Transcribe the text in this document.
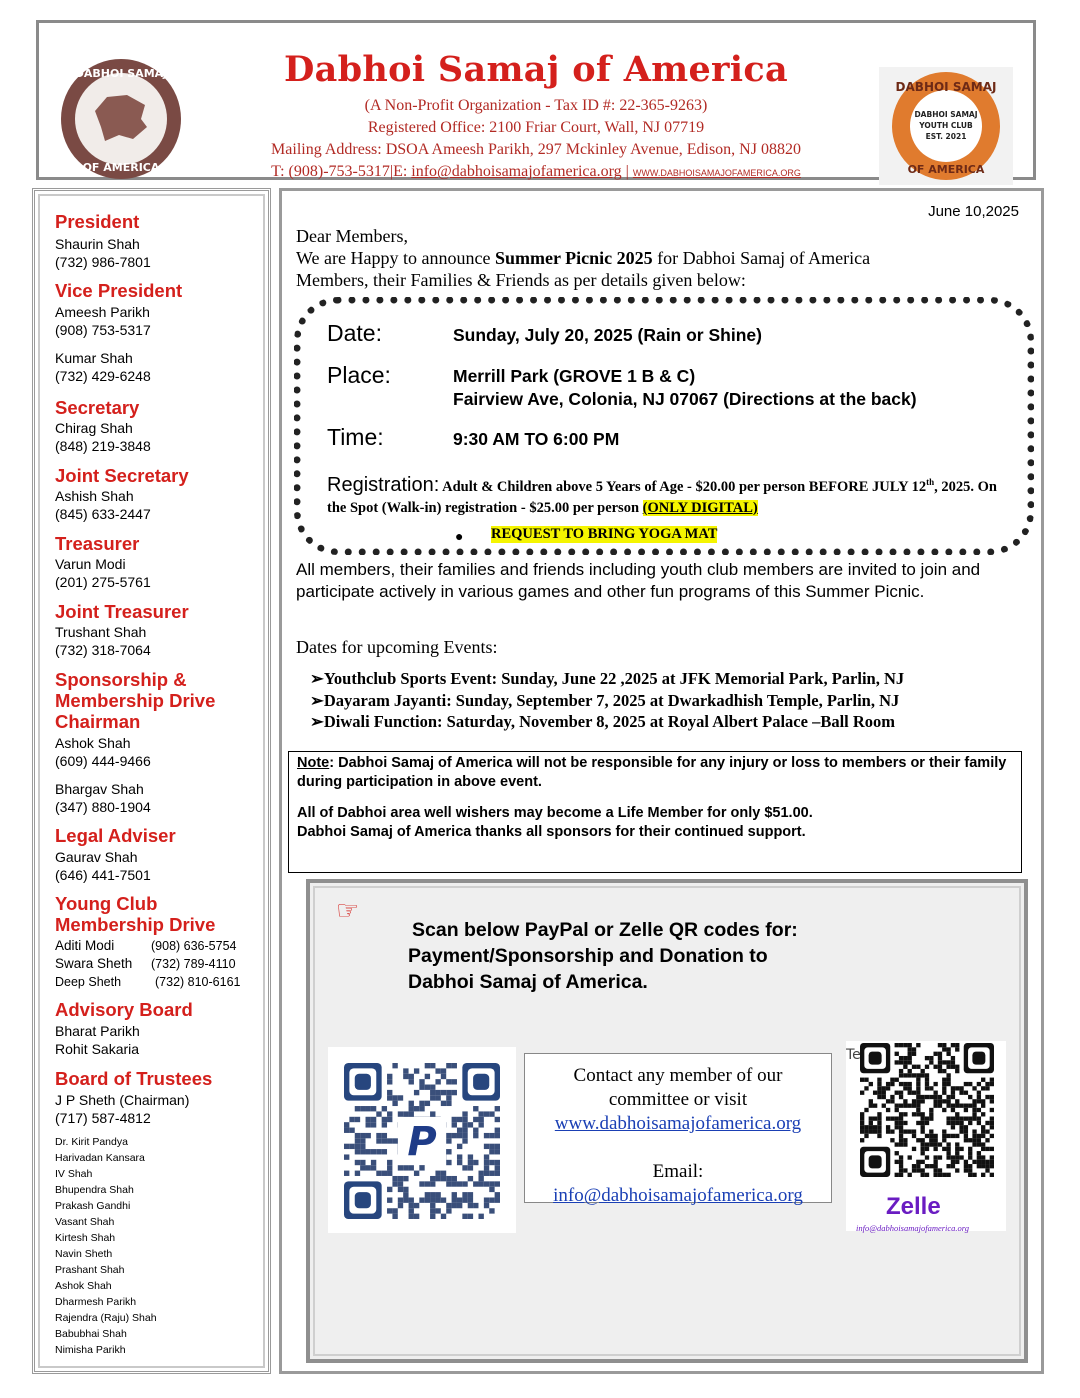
DABHOI SAMAJ
OF AMERICA
Dabhoi Samaj of America
(A Non-Profit Organization - Tax ID #: 22-365-9263)
Registered Office: 2100 Friar Court, Wall, NJ 07719
Mailing Address: DSOA Ameesh Parikh, 297 Mckinley Avenue, Edison, NJ 08820
T: (908)-753-5317|E: info@dabhoisamajofamerica.org | WWW.DABHOISAMAJOFAMERICA.ORG
DABHOI SAMAJ
DABHOI SAMAJ
YOUTH CLUB
EST. 2021
OF AMERICA
President
Shaurin Shah
(732) 986-7801
Vice President
Ameesh Parikh
(908) 753-5317
Kumar Shah
(732) 429-6248
Secretary
Chirag Shah
(848) 219-3848
Joint Secretary
Ashish Shah
(845) 633-2447
Treasurer
Varun Modi
(201) 275-5761
Joint Treasurer
Trushant Shah
(732) 318-7064
Sponsorship &
Membership Drive
Chairman
Ashok Shah
(609) 444-9466
Bhargav Shah
(347) 880-1904
Legal Adviser
Gaurav Shah
(646) 441-7501
Young Club
Membership Drive
Aditi Modi	(908) 636-5754
Swara Sheth (732) 789-4110
Deep Sheth	(732) 810-6161
Advisory Board
Bharat Parikh
Rohit Sakaria
Board of Trustees
J P Sheth (Chairman)
(717) 587-4812
Dr. Kirit Pandya
Harivadan Kansara
IV Shah
Bhupendra Shah
Prakash Gandhi
Vasant Shah
Kirtesh Shah
Navin Sheth
Prashant Shah
Ashok Shah
Dharmesh Parikh
Rajendra (Raju) Shah
Babubhai Shah
Nimisha Parikh
June 10,2025
Dear Members,
We are Happy to announce Summer Picnic 2025 for Dabhoi Samaj of America
Members, their Families & Friends as per details given below:
Date:	Sunday, July 20, 2025 (Rain or Shine)
Place:	Merrill Park (GROVE 1 B & C)
Fairview Ave, Colonia, NJ 07067 (Directions at the back)
Time:	9:30 AM TO 6:00 PM
Registration: Adult & Children above 5 Years of Age - $20.00 per person BEFORE JULY 12th, 2025. On the Spot (Walk-in) registration - $25.00 per person (ONLY DIGITAL)
● REQUEST TO BRING YOGA MAT
All members, their families and friends including youth club members are invited to join and participate actively in various games and other fun programs of this Summer Picnic.
Dates for upcoming Events:
➢Youthclub Sports Event: Sunday, June 22 ,2025 at JFK Memorial Park, Parlin, NJ
➢Dayaram Jayanti: Sunday, September 7, 2025 at Dwarkadhish Temple, Parlin, NJ
➢Diwali Function: Saturday, November 8, 2025 at Royal Albert Palace –Ball Room

Note: Dabhoi Samaj of America will not be responsible for any injury or loss to members or their family during participation in above event.

All of Dabhoi area well wishers may become a Life Member for only $51.00.

Dabhoi Samaj of America thanks all sponsors for their continued support.

☞
Scan below PayPal or Zelle QR codes for:
Payment/Sponsorship and Donation to
Dabhoi Samaj of America.
P
Contact any member of our
committee or visit
www.dabhoisamajofamerica.org
Email:
info@dabhoisamajofamerica.org
Te
Zelle
info@dabhoisamajofamerica.org
